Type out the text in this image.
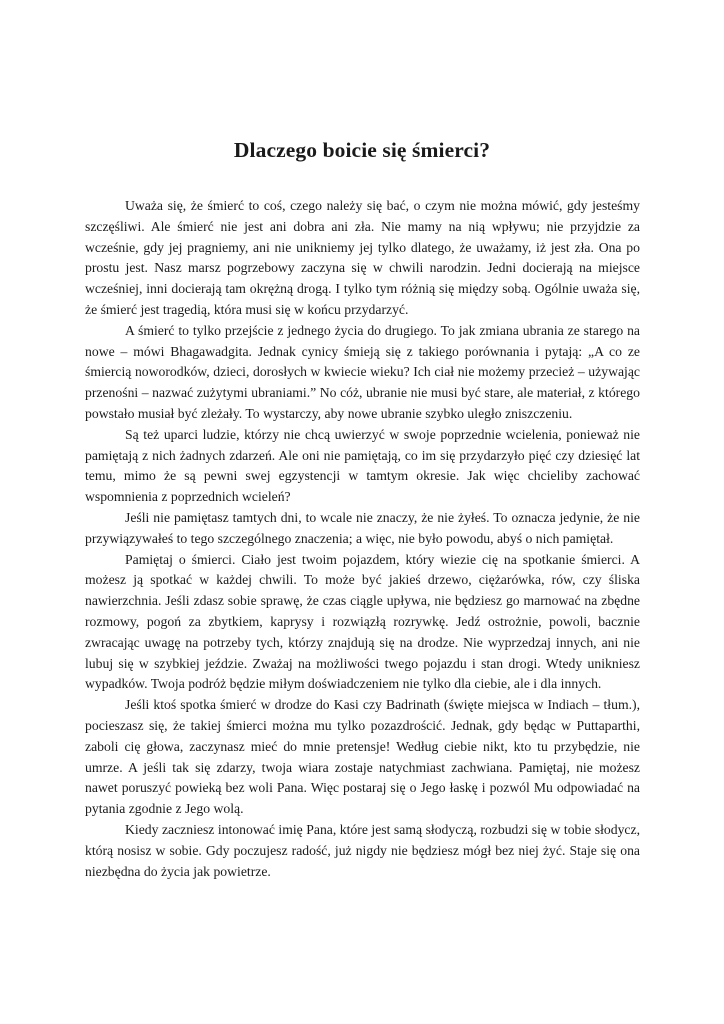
Dlaczego boicie się śmierci?

Uważa się, że śmierć to coś, czego należy się bać, o czym nie można mówić, gdy jesteśmy szczęśliwi. Ale śmierć nie jest ani dobra ani zła. Nie mamy na nią wpływu; nie przyjdzie za wcześnie, gdy jej pragniemy, ani nie unikniemy jej tylko dlatego, że uważamy, iż jest zła. Ona po prostu jest. Nasz marsz pogrzebowy zaczyna się w chwili narodzin. Jedni docierają na miejsce wcześniej, inni docierają tam okrężną drogą. I tylko tym różnią się między sobą. Ogólnie uważa się, że śmierć jest tragedią, która musi się w końcu przydarzyć.

A śmierć to tylko przejście z jednego życia do drugiego. To jak zmiana ubrania ze starego na nowe – mówi Bhagawadgita. Jednak cynicy śmieją się z takiego porównania i pytają: „A co ze śmiercią noworodków, dzieci, dorosłych w kwiecie wieku? Ich ciał nie możemy przecież – używając przenośni – nazwać zużytymi ubraniami.” No cóż, ubranie nie musi być stare, ale materiał, z którego powstało musiał być zleżały. To wystarczy, aby nowe ubranie szybko uległo zniszczeniu.

Są też uparci ludzie, którzy nie chcą uwierzyć w swoje poprzednie wcielenia, ponieważ nie pamiętają z nich żadnych zdarzeń. Ale oni nie pamiętają, co im się przydarzyło pięć czy dziesięć lat temu, mimo że są pewni swej egzystencji w tamtym okresie. Jak więc chcieliby zachować wspomnienia z poprzednich wcieleń?

Jeśli nie pamiętasz tamtych dni, to wcale nie znaczy, że nie żyłeś. To oznacza jedynie, że nie przywiązywałeś to tego szczególnego znaczenia; a więc, nie było powodu, abyś o nich pamiętał.

Pamiętaj o śmierci. Ciało jest twoim pojazdem, który wiezie cię na spotkanie śmierci. A możesz ją spotkać w każdej chwili. To może być jakieś drzewo, ciężarówka, rów, czy śliska nawierzchnia. Jeśli zdasz sobie sprawę, że czas ciągle upływa, nie będziesz go marnować na zbędne rozmowy, pogoń za zbytkiem, kaprysy i rozwiązłą rozrywkę. Jedź ostrożnie, powoli, bacznie zwracając uwagę na potrzeby tych, którzy znajdują się na drodze. Nie wyprzedzaj innych, ani nie lubuj się w szybkiej jeździe. Zważaj na możliwości twego pojazdu i stan drogi. Wtedy unikniesz wypadków. Twoja podróż będzie miłym doświadczeniem nie tylko dla ciebie, ale i dla innych.

Jeśli ktoś spotka śmierć w drodze do Kasi czy Badrinath (święte miejsca w Indiach – tłum.), pocieszasz się, że takiej śmierci można mu tylko pozazdrościć. Jednak, gdy będąc w Puttaparthi, zaboli cię głowa, zaczynasz mieć do mnie pretensje! Według ciebie nikt, kto tu przybędzie, nie umrze. A jeśli tak się zdarzy, twoja wiara zostaje natychmiast zachwiana. Pamiętaj, nie możesz nawet poruszyć powieką bez woli Pana. Więc postaraj się o Jego łaskę i pozwól Mu odpowiadać na pytania zgodnie z Jego wolą.

Kiedy zaczniesz intonować imię Pana, które jest samą słodyczą, rozbudzi się w tobie słodycz, którą nosisz w sobie. Gdy poczujesz radość, już nigdy nie będziesz mógł bez niej żyć. Staje się ona niezbędna do życia jak powietrze.
